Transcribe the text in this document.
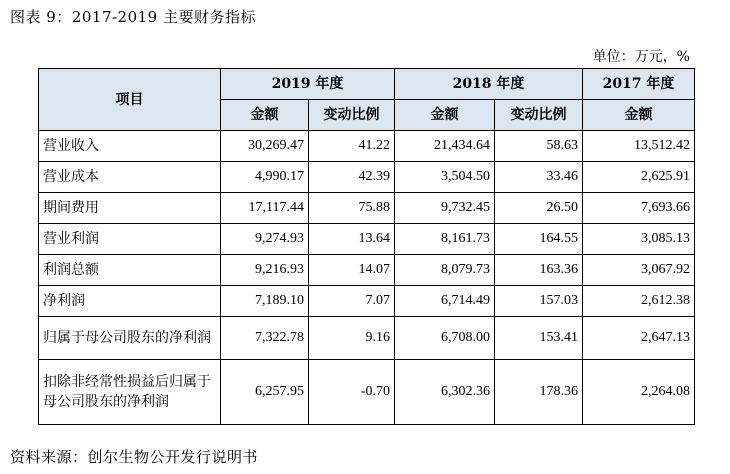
图表 9：2017-2019 主要财务指标
单位：万元，%
项目	2019 年度		2018 年度		2017 年度
	金额	变动比例	金额	变动比例	金额
营业收入	30,269.47	41.22	21,434.64	58.63	13,512.42
营业成本	4,990.17	42.39	3,504.50	33.46	2,625.91
期间费用	17,117.44	75.88	9,732.45	26.50	7,693.66
营业利润	9,274.93	13.64	8,161.73	164.55	3,085.13
利润总额	9,216.93	14.07	8,079.73	163.36	3,067.92
净利润	7,189.10	7.07	6,714.49	157.03	2,612.38
归属于母公司股东的净利润	7,322.78	9.16	6,708.00	153.41	2,647.13
扣除非经常性损益后归属于母公司股东的净利润	6,257.95	-0.70	6,302.36	178.36	2,264.08
资料来源：创尔生物公开发行说明书
